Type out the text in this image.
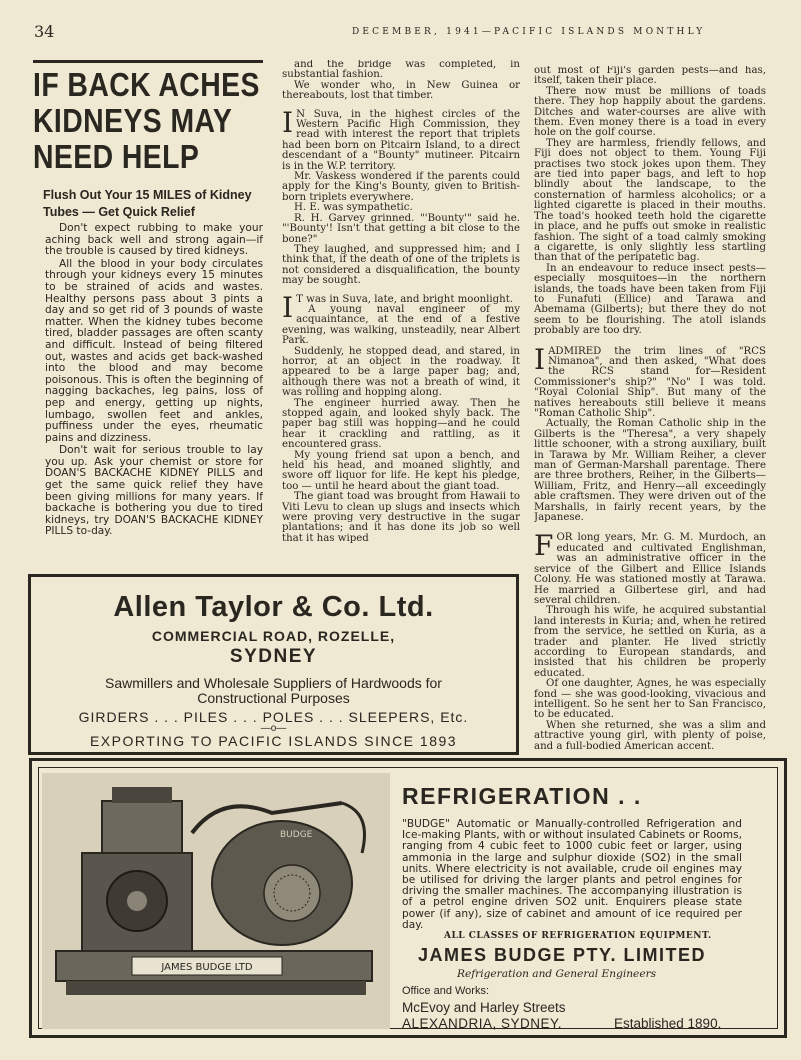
34	DECEMBER, 1941—PACIFIC ISLANDS MONTHLY
IF BACK ACHES
KIDNEYS MAY
NEED HELP
Flush Out Your 15 MILES of Kidney
Tubes — Get Quick Relief

Don't expect rubbing to make your aching back well and strong again—if the trouble is caused by tired kidneys.

All the blood in your body circulates through your kidneys every 15 minutes to be strained of acids and wastes. Healthy persons pass about 3 pints a day and so get rid of 3 pounds of waste matter. When the kidney tubes become tired, bladder passages are often scanty and difficult. Instead of being filtered out, wastes and acids get back-washed into the blood and may become poisonous. This is often the beginning of nagging backaches, leg pains, loss of pep and energy, getting up nights, lumbago, swollen feet and ankles, puffiness under the eyes, rheumatic pains and dizziness.

Don't wait for serious trouble to lay you up. Ask your chemist or store for DOAN'S BACKACHE KIDNEY PILLS and get the same quick relief they have been giving millions for many years. If backache is bothering you due to tired kidneys, try DOAN'S BACKACHE KIDNEY PILLS to-day.

and the bridge was completed, in substantial fashion.

We wonder who, in New Guinea or thereabouts, lost that timber.

I N Suva, in the highest circles of the Western Pacific High Commission, they read with interest the report that triplets had been born on Pitcairn Island, to a direct descendant of a "Bounty" mutineer. Pitcairn is in the W.P. territory.

Mr. Vaskess wondered if the parents could apply for the King's Bounty, given to British-born triplets everywhere.

H. E. was sympathetic.

R. H. Garvey grinned. "'Bounty'" said he. "'Bounty'! Isn't that getting a bit close to the bone?"

They laughed, and suppressed him; and I think that, if the death of one of the triplets is not considered a disqualification, the bounty may be sought.

I T was in Suva, late, and bright moonlight.

A young naval engineer of my acquaintance, at the end of a festive evening, was walking, unsteadily, near Albert Park.

Suddenly, he stopped dead, and stared, in horror, at an object in the roadway. It appeared to be a large paper bag; and, although there was not a breath of wind, it was rolling and hopping along.

The engineer hurried away. Then he stopped again, and looked shyly back. The paper bag still was hopping—and he could hear it crackling and rattling, as it encountered grass.

My young friend sat upon a bench, and held his head, and moaned slightly, and swore off liquor for life. He kept his pledge, too — until he heard about the giant toad.

The giant toad was brought from Hawaii to Viti Levu to clean up slugs and insects which were proving very destructive in the sugar plantations; and it has done its job so well that it has wiped

out most of Fiji's garden pests—and has, itself, taken their place.

There now must be millions of toads there. They hop happily about the gardens. Ditches and water-courses are alive with them. Even money there is a toad in every hole on the golf course.

They are harmless, friendly fellows, and Fiji does not object to them. Young Fiji practises two stock jokes upon them. They are tied into paper bags, and left to hop blindly about the landscape, to the consternation of harmless alcoholics; or a lighted cigarette is placed in their mouths. The toad's hooked teeth hold the cigarette in place, and he puffs out smoke in realistic fashion. The sight of a toad calmly smoking a cigarette, is only slightly less startling than that of the peripatetic bag.

In an endeavour to reduce insect pests—especially mosquitoes—in the northern islands, the toads have been taken from Fiji to Funafuti (Ellice) and Tarawa and Abemama (Gilberts); but there they do not seem to be flourishing. The atoll islands probably are too dry.

I ADMIRED the trim lines of "RCS Nimanoa", and then asked, "What does the RCS stand for—Resident Commissioner's ship?" "No" I was told. "Royal Colonial Ship". But many of the natives hereabouts still believe it means "Roman Catholic Ship".

Actually, the Roman Catholic ship in the Gilberts is the "Theresa", a very shapely little schooner, with a strong auxiliary, built in Tarawa by Mr. William Reiher, a clever man of German-Marshall parentage. There are three brothers, Reiher, in the Gilberts—William, Fritz, and Henry—all exceedingly able craftsmen. They were driven out of the Marshalls, in fairly recent years, by the Japanese.

F OR long years, Mr. G. M. Murdoch, an educated and cultivated Englishman, was an administrative officer in the service of the Gilbert and Ellice Islands Colony. He was stationed mostly at Tarawa. He married a Gilbertese girl, and had several children.

Through his wife, he acquired substantial land interests in Kuria; and, when he retired from the service, he settled on Kuria, as a trader and planter. He lived strictly according to European standards, and insisted that his children be properly educated.

Of one daughter, Agnes, he was especially fond — she was good-looking, vivacious and intelligent. So he sent her to San Francisco, to be educated.

When she returned, she was a slim and attractive young girl, with plenty of poise, and a full-bodied American accent.

Allen Taylor & Co. Ltd.
COMMERCIAL ROAD, ROZELLE,
SYDNEY
Sawmillers and Wholesale Suppliers of Hardwoods for
Constructional Purposes
GIRDERS . . . PILES . . . POLES . . . SLEEPERS, Etc.
—o—
EXPORTING TO PACIFIC ISLANDS SINCE 1893
JAMES BUDGE LTD
BUDGE
REFRIGERATION . .
"BUDGE" Automatic or Manually-controlled Refrigeration and Ice-making Plants, with or without insulated Cabinets or Rooms, ranging from 4 cubic feet to 1000 cubic feet or larger, using ammonia in the large and sulphur dioxide (SO2) in the small units. Where electricity is not available, crude oil engines may be utilised for driving the larger plants and petrol engines for driving the smaller machines. The accompanying illustration is of a petrol engine driven SO2 unit. Enquirers please state power (if any), size of cabinet and amount of ice required per day.
ALL CLASSES OF REFRIGERATION EQUIPMENT.
JAMES BUDGE PTY. LIMITED
Refrigeration and General Engineers
Office and Works:
McEvoy and Harley Streets
ALEXANDRIA, SYDNEY.	Established 1890.
